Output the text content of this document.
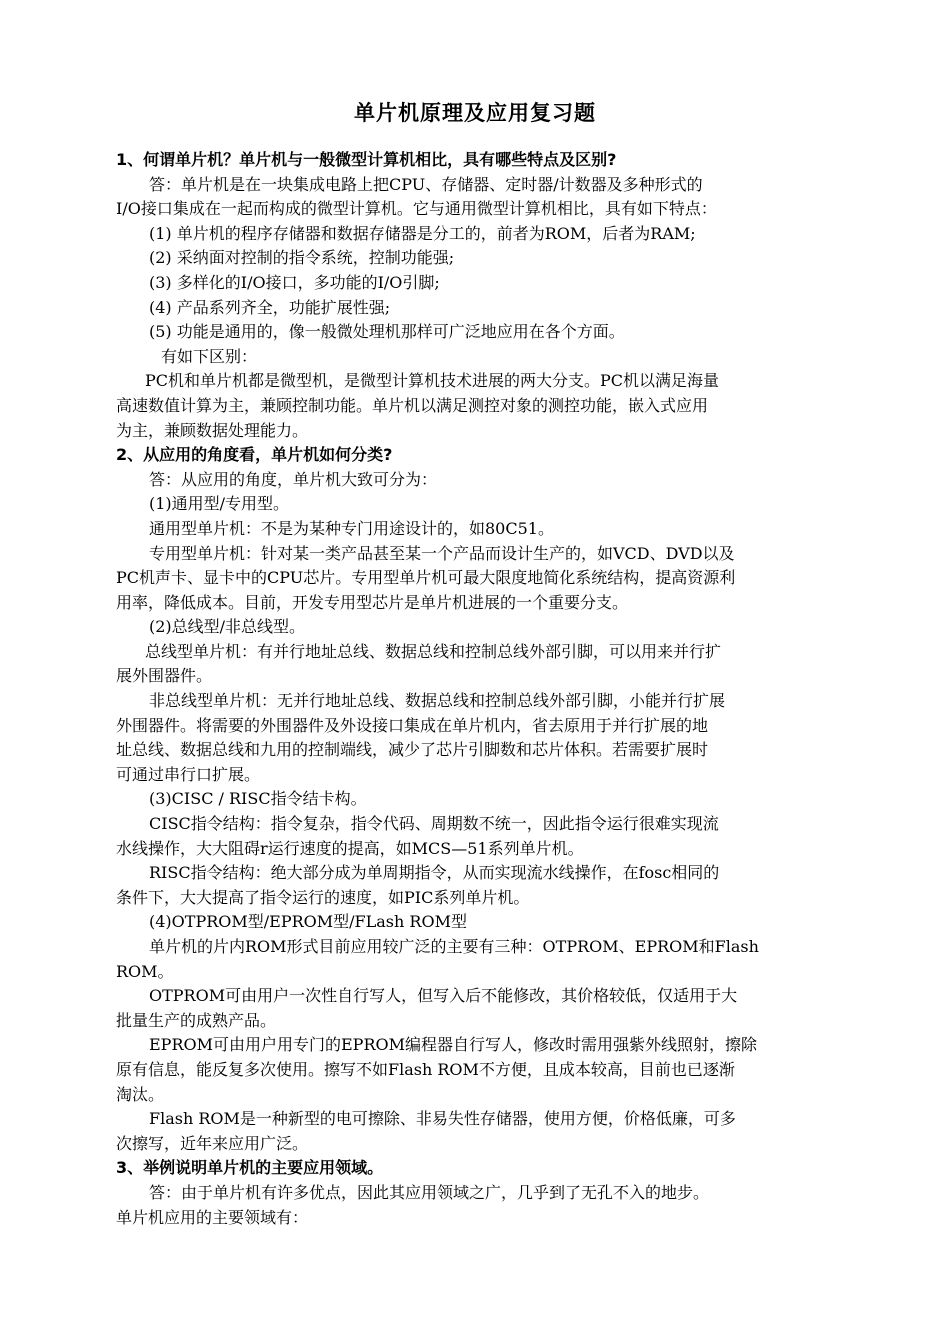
单片机原理及应用复习题

1、何谓单片机？单片机与一般微型计算机相比，具有哪些特点及区别?

答：单片机是在一块集成电路上把CPU、存储器、定时器/计数器及多种形式的

I/O接口集成在一起而构成的微型计算机。它与通用微型计算机相比，具有如下特点：

(1) 单片机的程序存储器和数据存储器是分工的，前者为ROM，后者为RAM;

(2) 采纳面对控制的指令系统，控制功能强;

(3) 多样化的I/O接口，多功能的I/O引脚;

(4) 产品系列齐全，功能扩展性强;

(5) 功能是通用的，像一般微处理机那样可广泛地应用在各个方面。

有如下区别：

PC机和单片机都是微型机，是微型计算机技术进展的两大分支。PC机以满足海量

高速数值计算为主，兼顾控制功能。单片机以满足测控对象的测控功能，嵌入式应用

为主，兼顾数据处理能力。

2、从应用的角度看，单片机如何分类?

答：从应用的角度，单片机大致可分为：

(1)通用型/专用型。

通用型单片机：不是为某种专门用途设计的，如80C51。

专用型单片机：针对某一类产品甚至某一个产品而设计生产的，如VCD、DVD以及

PC机声卡、显卡中的CPU芯片。专用型单片机可最大限度地简化系统结构，提高资源利

用率，降低成本。目前，开发专用型芯片是单片机进展的一个重要分支。

(2)总线型/非总线型。

总线型单片机：有并行地址总线、数据总线和控制总线外部引脚，可以用来并行扩

展外围器件。

非总线型单片机：无并行地址总线、数据总线和控制总线外部引脚，小能并行扩展

外围器件。将需要的外围器件及外设接口集成在单片机内，省去原用于并行扩展的地

址总线、数据总线和九用的控制端线，减少了芯片引脚数和芯片体积。若需要扩展时

可通过串行口扩展。

(3)CISC / RISC指令结卡构。

CISC指令结构：指令复杂，指令代码、周期数不统一，因此指令运行很难实现流

水线操作，大大阻碍r运行速度的提高，如MCS—51系列单片机。

RISC指令结构：绝大部分成为单周期指令，从而实现流水线操作，在fosc相同的

条件下，大大提高了指令运行的速度，如PIC系列单片机。

(4)OTPROM型/EPROM型/FLash ROM型

单片机的片内ROM形式目前应用较广泛的主要有三种：OTPROM、EPROM和Flash

ROM。

OTPROM可由用户一次性自行写人，但写入后不能修改，其价格较低，仅适用于大

批量生产的成熟产品。

EPROM可由用户用专门的EPROM编程器自行写人，修改时需用强紫外线照射，擦除

原有信息，能反复多次使用。擦写不如Flash ROM不方便，且成本较高，目前也已逐渐

淘汰。

Flash ROM是一种新型的电可擦除、非易失性存储器，使用方便，价格低廉，可多

次擦写，近年来应用广泛。

3、举例说明单片机的主要应用领域。

答：由于单片机有许多优点，因此其应用领域之广，几乎到了无孔不入的地步。

单片机应用的主要领域有：
